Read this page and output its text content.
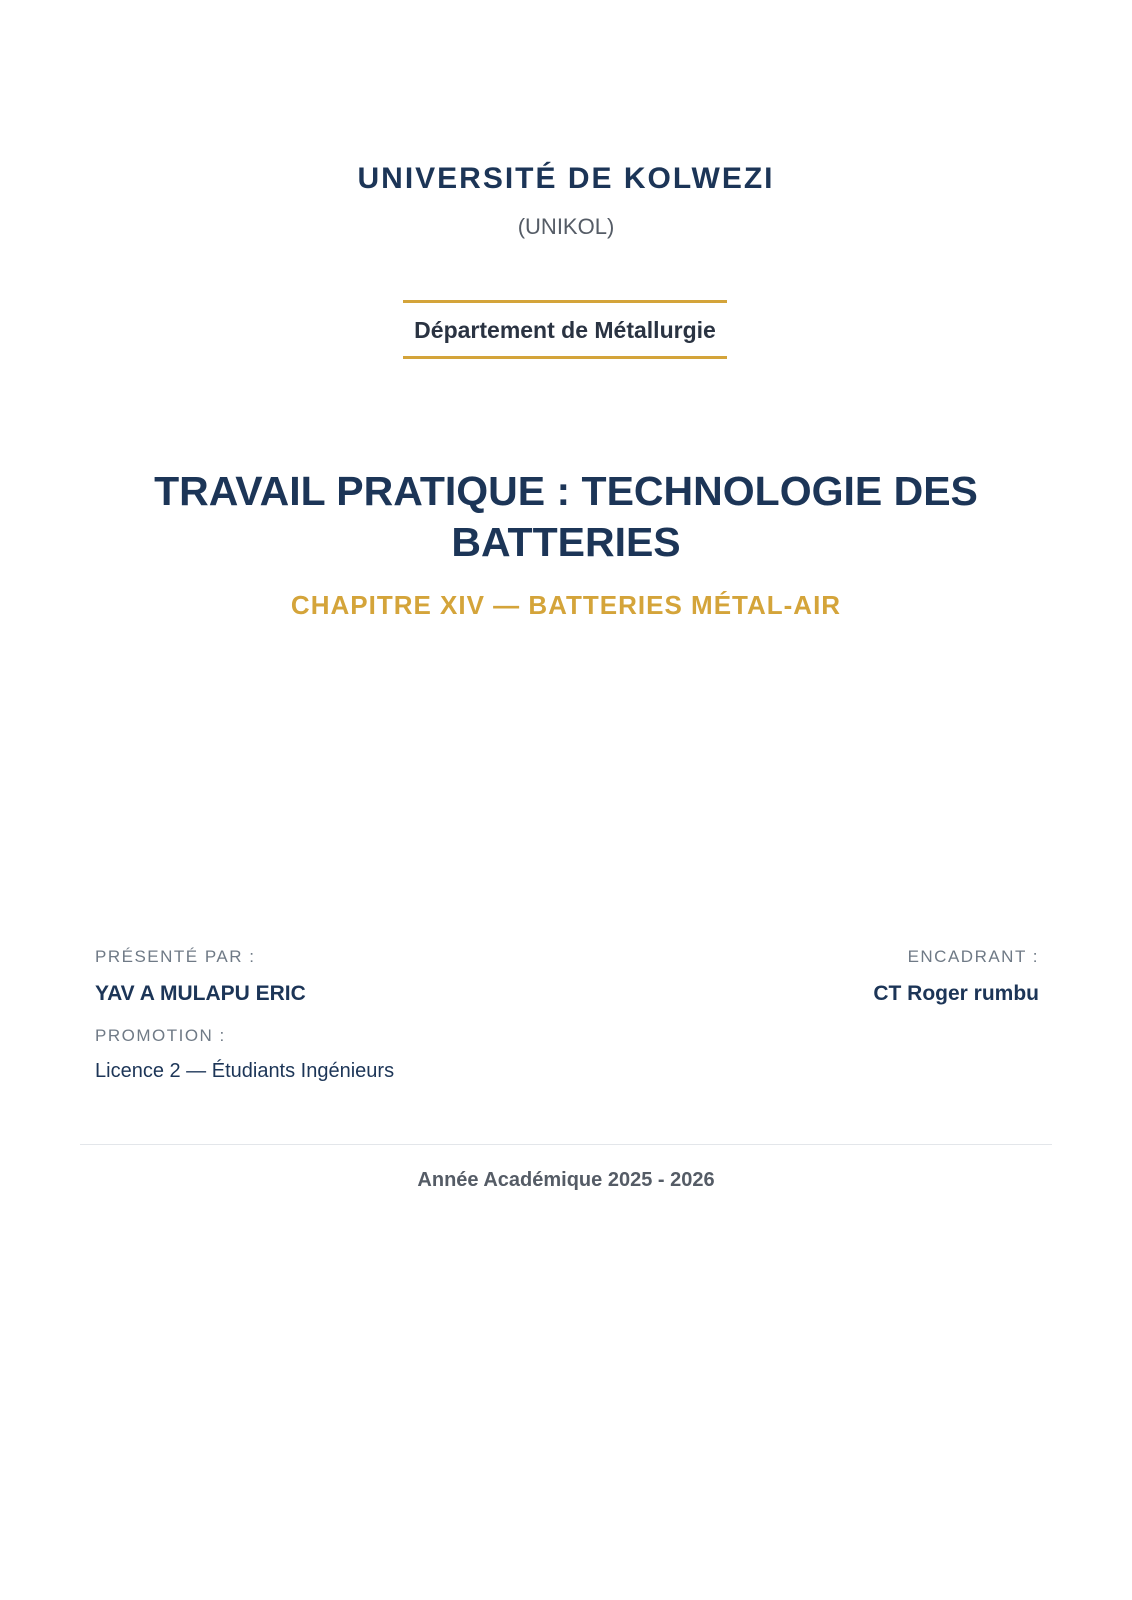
UNIVERSITÉ DE KOLWEZI
(UNIKOL)
Département de Métallurgie
TRAVAIL PRATIQUE : TECHNOLOGIE DES BATTERIES
CHAPITRE XIV — BATTERIES MÉTAL-AIR
PRÉSENTÉ PAR :
YAV A MULAPU ERIC
PROMOTION :
Licence 2 — Étudiants Ingénieurs
ENCADRANT :
CT Roger rumbu
Année Académique 2025 - 2026
